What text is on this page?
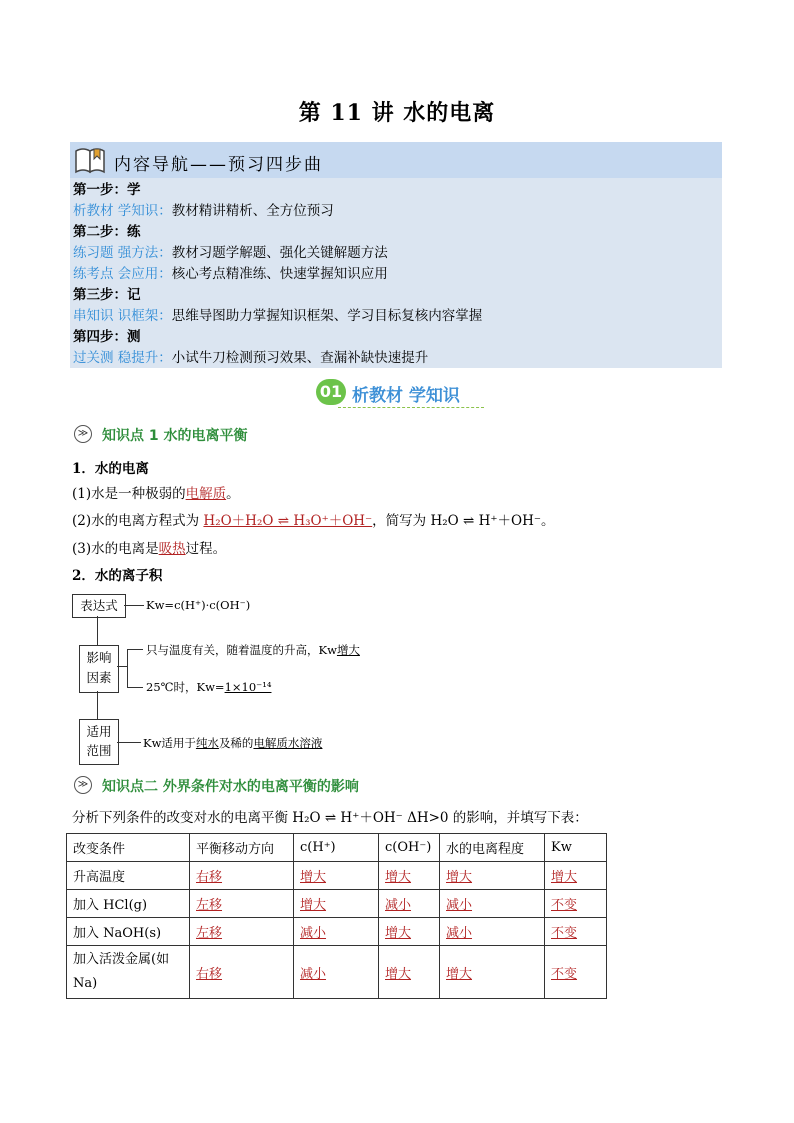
第 11 讲 水的电离
内容导航——预习四步曲
第一步：学
析教材 学知识：教材精讲精析、全方位预习
第二步：练
练习题 强方法：教材习题学解题、强化关键解题方法
练考点 会应用：核心考点精准练、快速掌握知识应用
第三步：记
串知识 识框架：思维导图助力掌握知识框架、学习目标复核内容掌握
第四步：测
过关测 稳提升：小试牛刀检测预习效果、查漏补缺快速提升
01 析教材 学知识
≫ 知识点 1 水的电离平衡
1．水的电离
(1)水是一种极弱的电解质。
(2)水的电离方程式为 H₂O＋H₂O ⇌ H₃O⁺＋OH⁻，简写为 H₂O ⇌ H⁺＋OH⁻。
(3)水的电离是吸热过程。
2．水的离子积
表达式	Kw=c(H⁺)·c(OH⁻)
影响
因素
只与温度有关，随着温度的升高，Kw增大
25℃时，Kw=1×10⁻¹⁴
适用
范围	Kw适用于纯水及稀的电解质水溶液
≫ 知识点二 外界条件对水的电离平衡的影响
分析下列条件的改变对水的电离平衡 H₂O ⇌ H⁺＋OH⁻ ΔH>0 的影响，并填写下表：
改变条件	平衡移动方向	c(H⁺)	c(OH⁻)	水的电离程度	Kw
升高温度	右移	增大	增大	增大	增大
加入 HCl(g)	左移	增大	减小	减小	不变
加入 NaOH(s)	左移	减小	增大	减小	不变
加入活泼金属(如 Na)	右移	减小	增大	增大	不变
